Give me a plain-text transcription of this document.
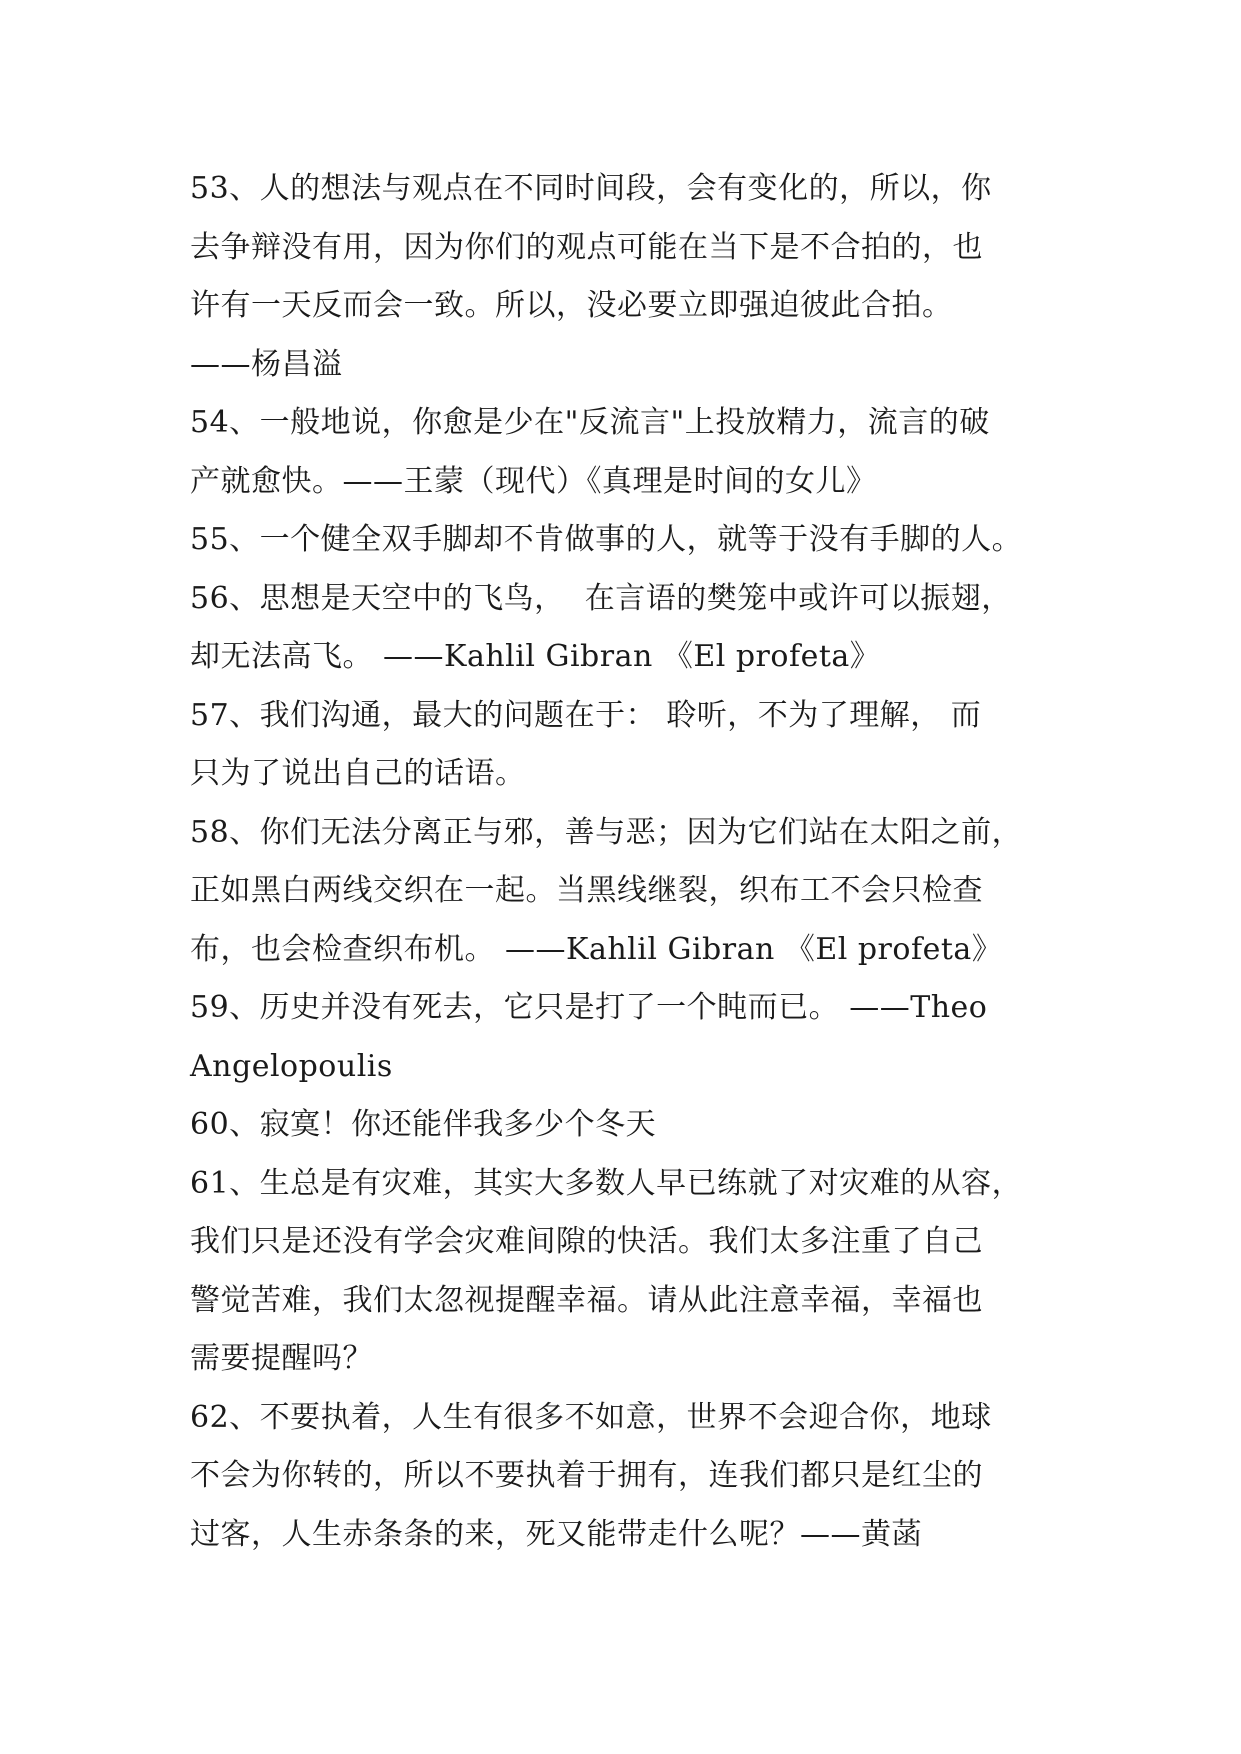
53、人的想法与观点在不同时间段，会有变化的，所以，你
去争辩没有用，因为你们的观点可能在当下是不合拍的，也
许有一天反而会一致。所以，没必要立即强迫彼此合拍。
——杨昌溢
54、一般地说，你愈是少在"反流言"上投放精力，流言的破
产就愈快。——王蒙（现代）《真理是时间的女儿》
55、一个健全双手脚却不肯做事的人，就等于没有手脚的人。
56、思想是天空中的飞鸟，  在言语的樊笼中或许可以振翅，
却无法高飞。 ——Kahlil Gibran 《El profeta》
57、我们沟通，最大的问题在于： 聆听，不为了理解， 而
只为了说出自己的话语。
58、你们无法分离正与邪，善与恶；因为它们站在太阳之前，
正如黑白两线交织在一起。当黑线继裂，织布工不会只检查
布，也会检查织布机。 ——Kahlil Gibran 《El profeta》
59、历史并没有死去，它只是打了一个盹而已。 ——Theo
Angelopoulis
60、寂寞！你还能伴我多少个冬天
61、生总是有灾难，其实大多数人早已练就了对灾难的从容，
我们只是还没有学会灾难间隙的快活。我们太多注重了自己
警觉苦难，我们太忽视提醒幸福。请从此注意幸福，幸福也
需要提醒吗？
62、不要执着，人生有很多不如意，世界不会迎合你，地球
不会为你转的，所以不要执着于拥有，连我们都只是红尘的
过客，人生赤条条的来，死又能带走什么呢？——黄菡
